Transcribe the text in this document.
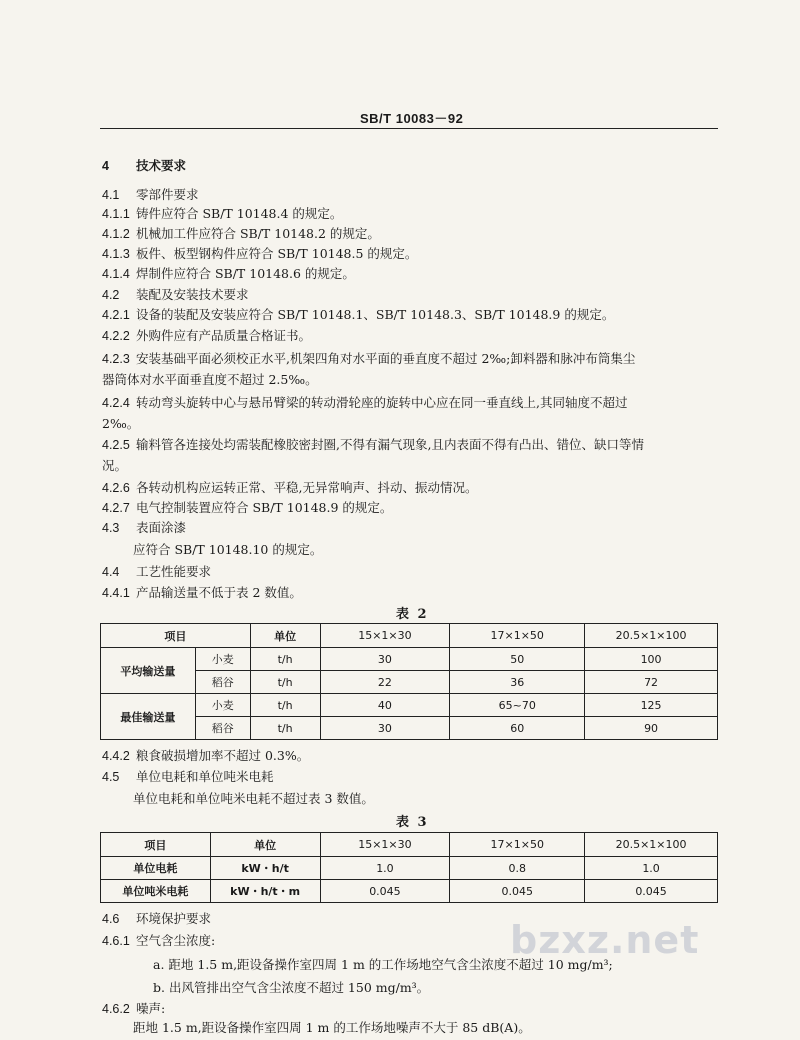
SB/T 10083－92
4 技术要求
4.1 零部件要求
4.1.1 铸件应符合 SB/T 10148.4 的规定。
4.1.2 机械加工件应符合 SB/T 10148.2 的规定。
4.1.3 板件、板型钢构件应符合 SB/T 10148.5 的规定。
4.1.4 焊制件应符合 SB/T 10148.6 的规定。
4.2 装配及安装技术要求
4.2.1 设备的装配及安装应符合 SB/T 10148.1、SB/T 10148.3、SB/T 10148.9 的规定。
4.2.2 外购件应有产品质量合格证书。
4.2.3 安装基础平面必须校正水平,机架四角对水平面的垂直度不超过 2‰;卸料器和脉冲布筒集尘
器筒体对水平面垂直度不超过 2.5‰。
4.2.4 转动弯头旋转中心与悬吊臂梁的转动滑轮座的旋转中心应在同一垂直线上,其同轴度不超过
2‰。
4.2.5 输料管各连接处均需装配橡胶密封圈,不得有漏气现象,且内表面不得有凸出、错位、缺口等情
况。
4.2.6 各转动机构应运转正常、平稳,无异常响声、抖动、振动情况。
4.2.7 电气控制装置应符合 SB/T 10148.9 的规定。
4.3 表面涂漆
应符合 SB/T 10148.10 的规定。
4.4 工艺性能要求
4.4.1 产品输送量不低于表 2 数值。
表 2
项目		单位	15×1×30	17×1×50	20.5×1×100
平均输送量	小麦	t/h	30	50	100
	稻谷	t/h	22	36	72
最佳输送量	小麦	t/h	40	65~70	125
	稻谷	t/h	30	60	90
4.4.2 粮食破损增加率不超过 0.3%。
4.5 单位电耗和单位吨米电耗
单位电耗和单位吨米电耗不超过表 3 数值。
表 3
项目	单位	15×1×30	17×1×50	20.5×1×100
单位电耗	kW・h/t	1.0	0.8	1.0
单位吨米电耗	kW・h/t・m	0.045	0.045	0.045
4.6 环境保护要求
4.6.1 空气含尘浓度:
a. 距地 1.5 m,距设备操作室四周 1 m 的工作场地空气含尘浓度不超过 10 mg/m³;
b. 出风管排出空气含尘浓度不超过 150 mg/m³。
4.6.2 噪声:
距地 1.5 m,距设备操作室四周 1 m 的工作场地噪声不大于 85 dB(A)。
bzxz.net
